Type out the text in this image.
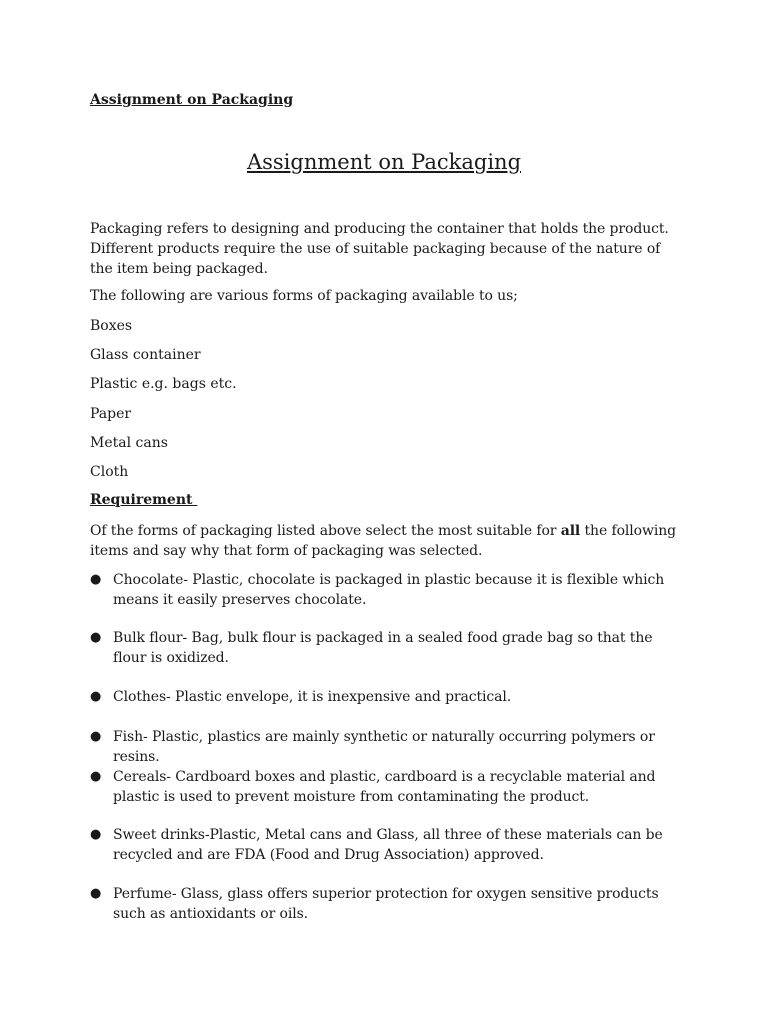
Assignment on Packaging
Assignment on Packaging
Packaging refers to designing and producing the container that holds the product. Different products require the use of suitable packaging because of the nature of the item being packaged.
The following are various forms of packaging available to us;
Boxes
Glass container
Plastic e.g. bags etc.
Paper
Metal cans
Cloth
Requirement
Of the forms of packaging listed above select the most suitable for all the following items and say why that form of packaging was selected.
● Chocolate- Plastic, chocolate is packaged in plastic because it is flexible which means it easily preserves chocolate.
● Bulk flour- Bag, bulk flour is packaged in a sealed food grade bag so that the flour is oxidized.
● Clothes- Plastic envelope, it is inexpensive and practical.
● Fish- Plastic, plastics are mainly synthetic or naturally occurring polymers or resins.
● Cereals- Cardboard boxes and plastic, cardboard is a recyclable material and plastic is used to prevent moisture from contaminating the product.
● Sweet drinks-Plastic, Metal cans and Glass, all three of these materials can be recycled and are FDA (Food and Drug Association) approved.
● Perfume- Glass, glass offers superior protection for oxygen sensitive products such as antioxidants or oils.
